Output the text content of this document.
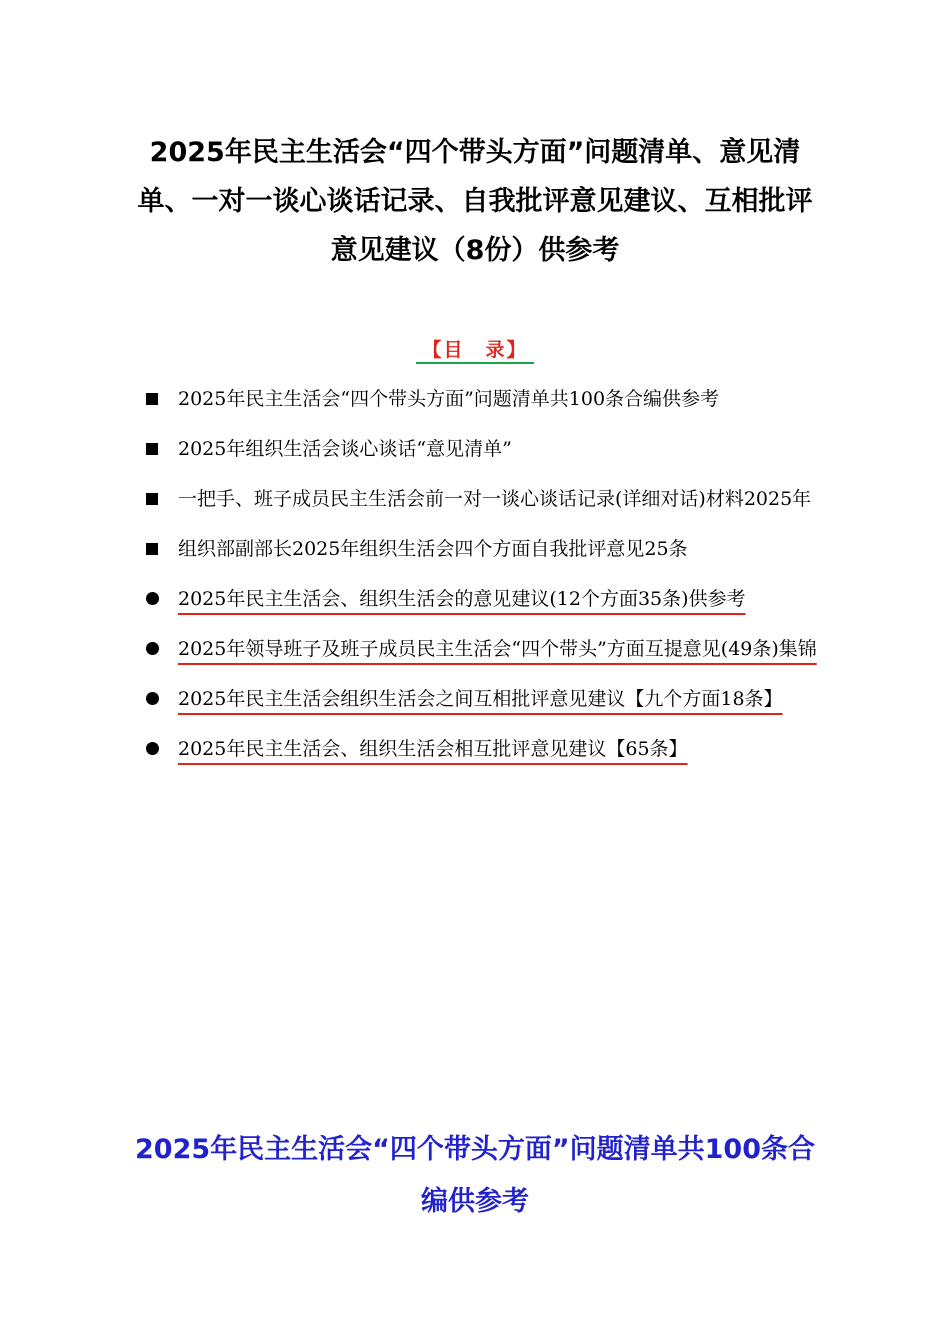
2025年民主生活会“四个带头方面”问题清单、意见清单、一对一谈心谈话记录、自我批评意见建议、互相批评意见建议（8份）供参考
【目　录】
2025年民主生活会“四个带头方面”问题清单共100条合编供参考
2025年组织生活会谈心谈话“意见清单”
一把手、班子成员民主生活会前一对一谈心谈话记录(详细对话)材料2025年
组织部副部长2025年组织生活会四个方面自我批评意见25条
2025年民主生活会、组织生活会的意见建议(12个方面35条)供参考
2025年领导班子及班子成员民主生活会“四个带头”方面互提意见(49条)集锦
2025年民主生活会组织生活会之间互相批评意见建议【九个方面18条】
2025年民主生活会、组织生活会相互批评意见建议【65条】
2025年民主生活会“四个带头方面”问题清单共100条合编供参考
